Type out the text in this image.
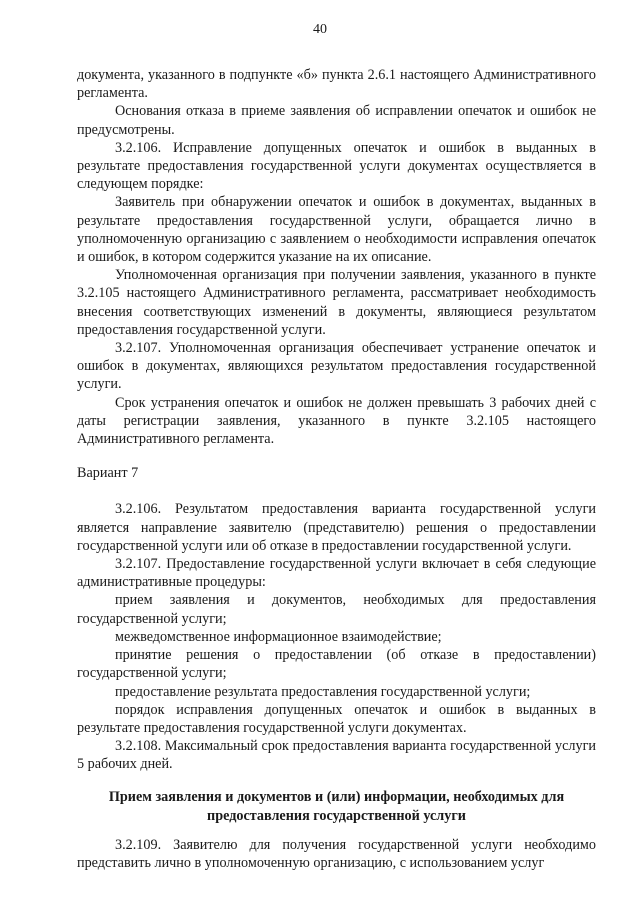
40

документа, указанного в подпункте «б» пункта 2.6.1 настоящего Административного регламента.

Основания отказа в приеме заявления об исправлении опечаток и ошибок не предусмотрены.

3.2.106. Исправление допущенных опечаток и ошибок в выданных в результате предоставления государственной услуги документах осуществляется в следующем порядке:

Заявитель при обнаружении опечаток и ошибок в документах, выданных в результате предоставления государственной услуги, обращается лично в уполномоченную организацию с заявлением о необходимости исправления опечаток и ошибок, в котором содержится указание на их описание.

Уполномоченная организация при получении заявления, указанного в пункте 3.2.105 настоящего Административного регламента, рассматривает необходимость внесения соответствующих изменений в документы, являющиеся результатом предоставления государственной услуги.

3.2.107. Уполномоченная организация обеспечивает устранение опечаток и ошибок в документах, являющихся результатом предоставления государственной услуги.

Срок устранения опечаток и ошибок не должен превышать 3 рабочих дней с даты регистрации заявления, указанного в пункте 3.2.105 настоящего Административного регламента.

Вариант 7

3.2.106. Результатом предоставления варианта государственной услуги является направление заявителю (представителю) решения о предоставлении государственной услуги или об отказе в предоставлении государственной услуги.

3.2.107. Предоставление государственной услуги включает в себя следующие административные процедуры:

прием заявления и документов, необходимых для предоставления государственной услуги;

межведомственное информационное взаимодействие;

принятие решения о предоставлении (об отказе в предоставлении) государственной услуги;

предоставление результата предоставления государственной услуги;

порядок исправления допущенных опечаток и ошибок в выданных в результате предоставления государственной услуги документах.

3.2.108. Максимальный срок предоставления варианта государственной услуги 5 рабочих дней.

Прием заявления и документов и (или) информации, необходимых для предоставления государственной услуги

3.2.109. Заявителю для получения государственной услуги необходимо представить лично в уполномоченную организацию, с использованием услуг
